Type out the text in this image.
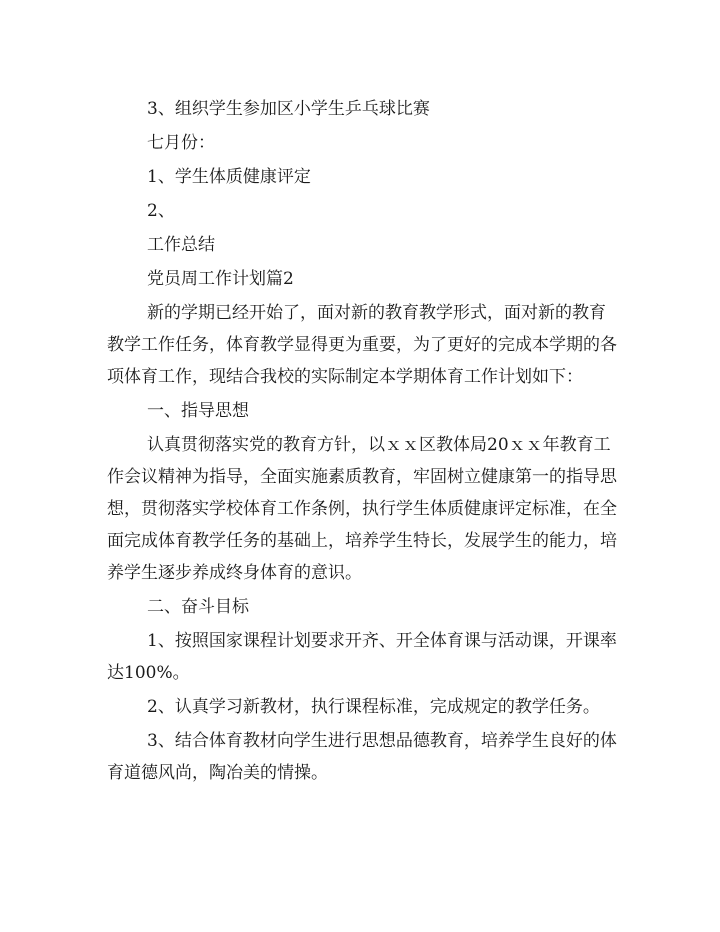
3、组织学生参加区小学生乒乓球比赛

七月份：

1、学生体质健康评定

2、

工作总结

党员周工作计划篇2

新的学期已经开始了，面对新的教育教学形式，面对新的教育教学工作任务，体育教学显得更为重要，为了更好的完成本学期的各项体育工作，现结合我校的实际制定本学期体育工作计划如下：

一、指导思想

认真贯彻落实党的教育方针，以ｘｘ区教体局20ｘｘ年教育工作会议精神为指导，全面实施素质教育，牢固树立健康第一的指导思想，贯彻落实学校体育工作条例，执行学生体质健康评定标准，在全面完成体育教学任务的基础上，培养学生特长，发展学生的能力，培养学生逐步养成终身体育的意识。

二、奋斗目标

1、按照国家课程计划要求开齐、开全体育课与活动课，开课率达100%。

2、认真学习新教材，执行课程标准，完成规定的教学任务。

3、结合体育教材向学生进行思想品德教育，培养学生良好的体育道德风尚，陶冶美的情操。
